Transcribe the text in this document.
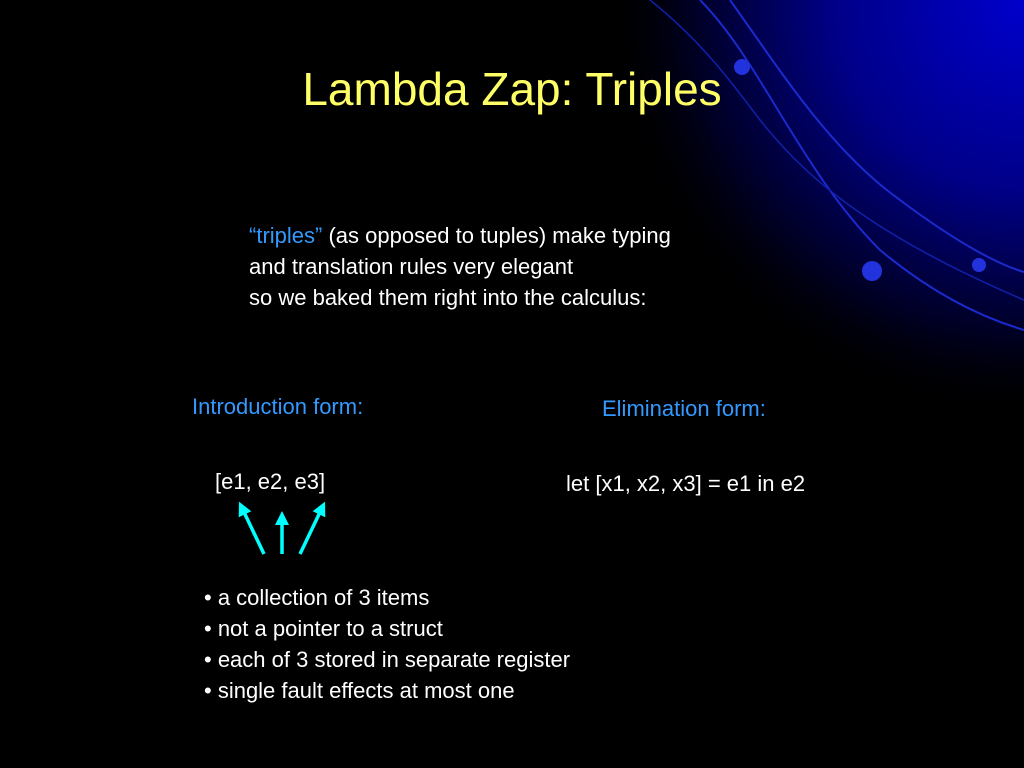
Lambda Zap: Triples
“triples” (as opposed to tuples) make typing
and translation rules very elegant
so we baked them right into the calculus:
Introduction form:	Elimination form:
[e1, e2, e3]	let [x1, x2, x3] = e1 in e2
• a collection of 3 items
• not a pointer to a struct
• each of 3 stored in separate register
• single fault effects at most one
